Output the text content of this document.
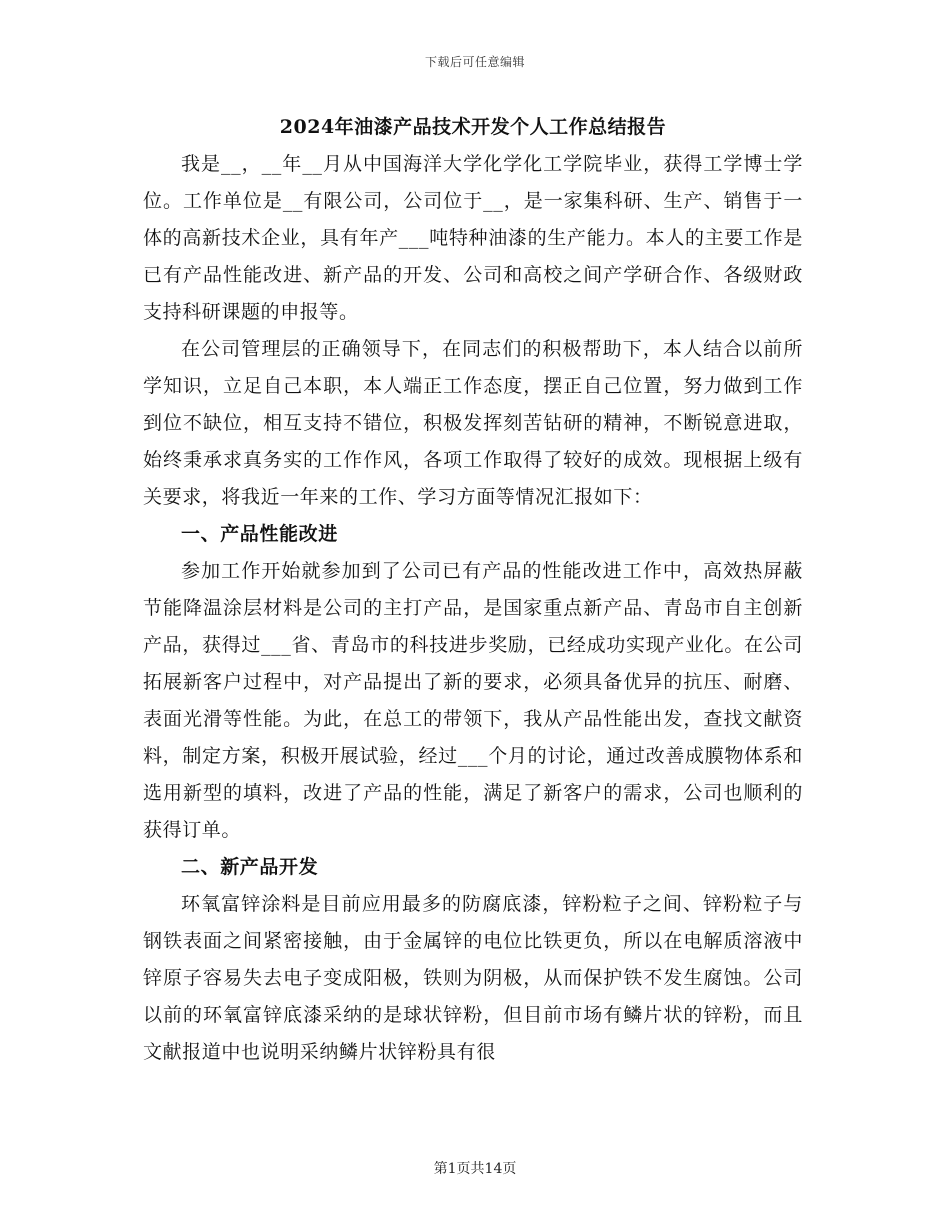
下载后可任意编辑
2024年油漆产品技术开发个人工作总结报告

我是__，__年__月从中国海洋大学化学化工学院毕业，获得工学博士学位。工作单位是__有限公司，公司位于__，是一家集科研、生产、销售于一体的高新技术企业，具有年产___吨特种油漆的生产能力。本人的主要工作是已有产品性能改进、新产品的开发、公司和高校之间产学研合作、各级财政支持科研课题的申报等。

在公司管理层的正确领导下，在同志们的积极帮助下，本人结合以前所学知识，立足自己本职，本人端正工作态度，摆正自己位置，努力做到工作到位不缺位，相互支持不错位，积极发挥刻苦钻研的精神，不断锐意进取，始终秉承求真务实的工作作风，各项工作取得了较好的成效。现根据上级有关要求，将我近一年来的工作、学习方面等情况汇报如下：

一、产品性能改进

参加工作开始就参加到了公司已有产品的性能改进工作中，高效热屏蔽节能降温涂层材料是公司的主打产品，是国家重点新产品、青岛市自主创新产品，获得过___省、青岛市的科技进步奖励，已经成功实现产业化。在公司拓展新客户过程中，对产品提出了新的要求，必须具备优异的抗压、耐磨、表面光滑等性能。为此，在总工的带领下，我从产品性能出发，查找文献资料，制定方案，积极开展试验，经过___个月的讨论，通过改善成膜物体系和选用新型的填料，改进了产品的性能，满足了新客户的需求，公司也顺利的获得订单。

二、新产品开发

环氧富锌涂料是目前应用最多的防腐底漆，锌粉粒子之间、锌粉粒子与钢铁表面之间紧密接触，由于金属锌的电位比铁更负，所以在电解质溶液中锌原子容易失去电子变成阳极，铁则为阴极，从而保护铁不发生腐蚀。公司以前的环氧富锌底漆采纳的是球状锌粉，但目前市场有鳞片状的锌粉，而且文献报道中也说明采纳鳞片状锌粉具有很

第1页共14页
